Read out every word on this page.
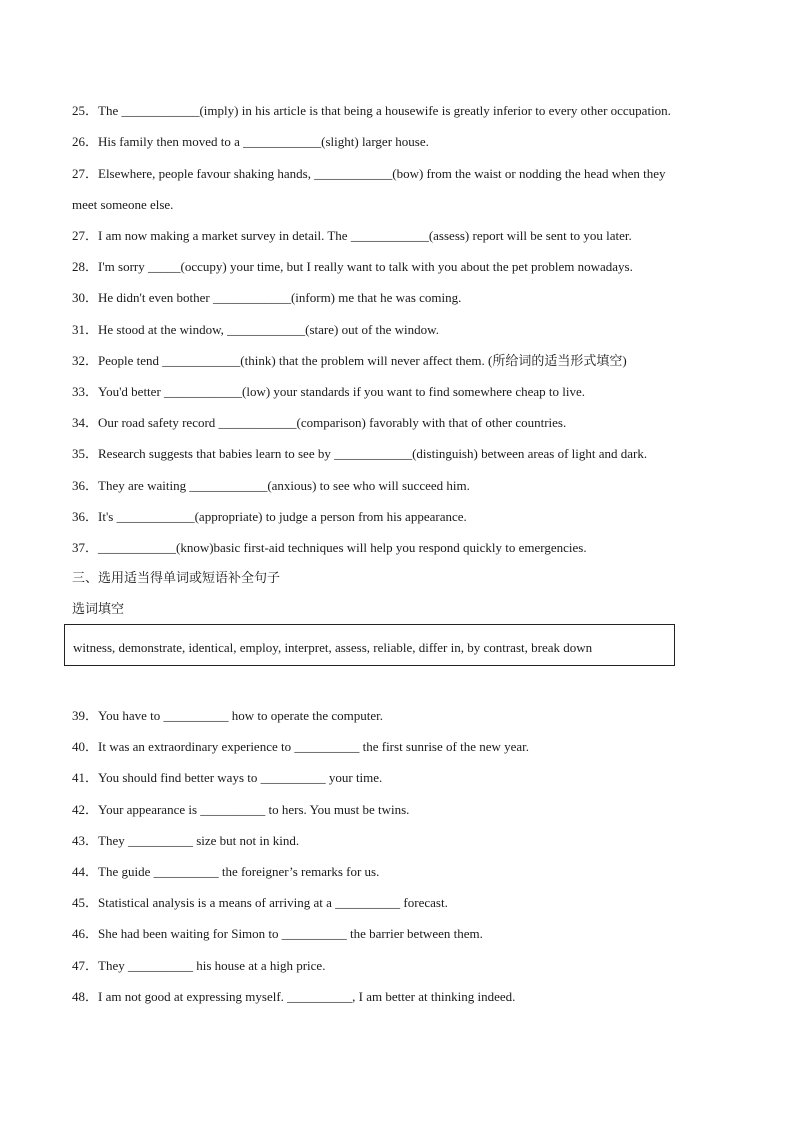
25．The ____________(imply) in his article is that being a housewife is greatly inferior to every other occupation.
26．His family then moved to a ____________(slight) larger house.
27．Elsewhere, people favour shaking hands, ____________(bow) from the waist or nodding the head when they
meet someone else.
27．I am now making a market survey in detail. The ____________(assess) report will be sent to you later.
28．I'm sorry _____(occupy) your time, but I really want to talk with you about the pet problem nowadays.
30．He didn't even bother ____________(inform) me that he was coming.
31．He stood at the window, ____________(stare) out of the window.
32．People tend ____________(think) that the problem will never affect them. (所给词的适当形式填空)
33．You'd better ____________(low) your standards if you want to find somewhere cheap to live.
34．Our road safety record ____________(comparison) favorably with that of other countries.
35．Research suggests that babies learn to see by ____________(distinguish) between areas of light and dark.
36．They are waiting ____________(anxious) to see who will succeed him.
36．It's ____________(appropriate) to judge a person from his appearance.
37．____________(know)basic first-aid techniques will help you respond quickly to emergencies.
三、选用适当得单词或短语补全句子
选词填空
witness, demonstrate, identical, employ, interpret, assess, reliable, differ in, by contrast, break down
39．You have to __________ how to operate the computer.
40．It was an extraordinary experience to __________ the first sunrise of the new year.
41．You should find better ways to __________ your time.
42．Your appearance is __________ to hers. You must be twins.
43．They __________ size but not in kind.
44．The guide __________ the foreigner’s remarks for us.
45．Statistical analysis is a means of arriving at a __________ forecast.
46．She had been waiting for Simon to __________ the barrier between them.
47．They __________ his house at a high price.
48．I am not good at expressing myself. __________, I am better at thinking indeed.
